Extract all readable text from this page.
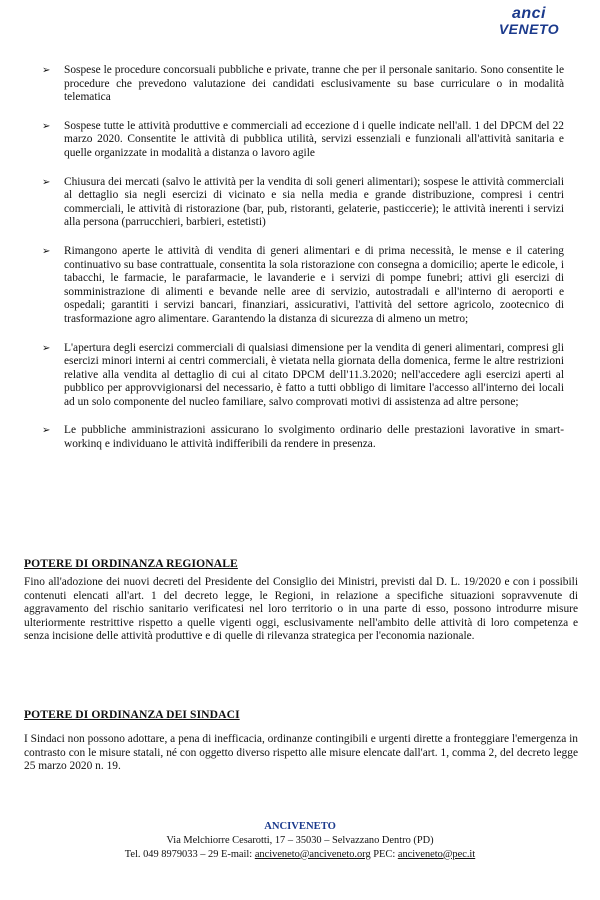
anci
VENETO
➢ Sospese le procedure concorsuali pubbliche e private, tranne che per il personale sanitario. Sono consentite le procedure che prevedono valutazione dei candidati esclusivamente su base curriculare o in modalità telematica
➢ Sospese tutte le attività produttive e commerciali ad eccezione d i quelle indicate nell'all. 1 del DPCM del 22 marzo 2020. Consentite le attività di pubblica utilità, servizi essenziali e funzionali all'attività sanitaria e quelle organizzate in modalità a distanza o lavoro agile
➢ Chiusura dei mercati (salvo le attività per la vendita di soli generi alimentari); sospese le attività commerciali al dettaglio sia negli esercizi di vicinato e sia nella media e grande distribuzione, compresi i centri commerciali, le attività di ristorazione (bar, pub, ristoranti, gelaterie, pasticcerie); le attività inerenti i servizi alla persona (parrucchieri, barbieri, estetisti)
➢ Rimangono aperte le attività di vendita di generi alimentari e di prima necessità, le mense e il catering continuativo su base contrattuale, consentita la sola ristorazione con consegna a domicilio; aperte le edicole, i tabacchi, le farmacie, le parafarmacie, le lavanderie e i servizi di pompe funebri; attivi gli esercizi di somministrazione di alimenti e bevande nelle aree di servizio, autostradali e all'interno di aeroporti e ospedali; garantiti i servizi bancari, finanziari, assicurativi, l'attività del settore agricolo, zootecnico di trasformazione agro alimentare. Garantendo la distanza di sicurezza di almeno un metro;
➢ L'apertura degli esercizi commerciali di qualsiasi dimensione per la vendita di generi alimentari, compresi gli esercizi minori interni ai centri commerciali, è vietata nella giornata della domenica, ferme le altre restrizioni relative alla vendita al dettaglio di cui al citato DPCM dell'11.3.2020; nell'accedere agli esercizi aperti al pubblico per approvvigionarsi del necessario, è fatto a tutti obbligo di limitare l'accesso all'interno dei locali ad un solo componente del nucleo familiare, salvo comprovati motivi di assistenza ad altre persone;
➢ Le pubbliche amministrazioni assicurano lo svolgimento ordinario delle prestazioni lavorative in smart-workinq e individuano le attività indifferibili da rendere in presenza.
POTERE DI ORDINANZA REGIONALE

Fino all'adozione dei nuovi decreti del Presidente del Consiglio dei Ministri, previsti dal D. L. 19/2020 e con i possibili contenuti elencati all'art. 1 del decreto legge, le Regioni, in relazione a specifiche situazioni sopravvenute di aggravamento del rischio sanitario verificatesi nel loro territorio o in una parte di esso, possono introdurre misure ulteriormente restrittive rispetto a quelle vigenti oggi, esclusivamente nell'ambito delle attività di loro competenza e senza incisione delle attività produttive e di quelle di rilevanza strategica per l'economia nazionale.

POTERE DI ORDINANZA DEI SINDACI

I Sindaci non possono adottare, a pena di inefficacia, ordinanze contingibili e urgenti dirette a fronteggiare l'emergenza in contrasto con le misure statali, né con oggetto diverso rispetto alle misure elencate dall'art. 1, comma 2, del decreto legge 25 marzo 2020 n. 19.

ANCIVENETO
Via Melchiorre Cesarotti, 17 – 35030 – Selvazzano Dentro (PD)
Tel. 049 8979033 – 29 E-mail: anciveneto@anciveneto.org PEC: anciveneto@pec.it
